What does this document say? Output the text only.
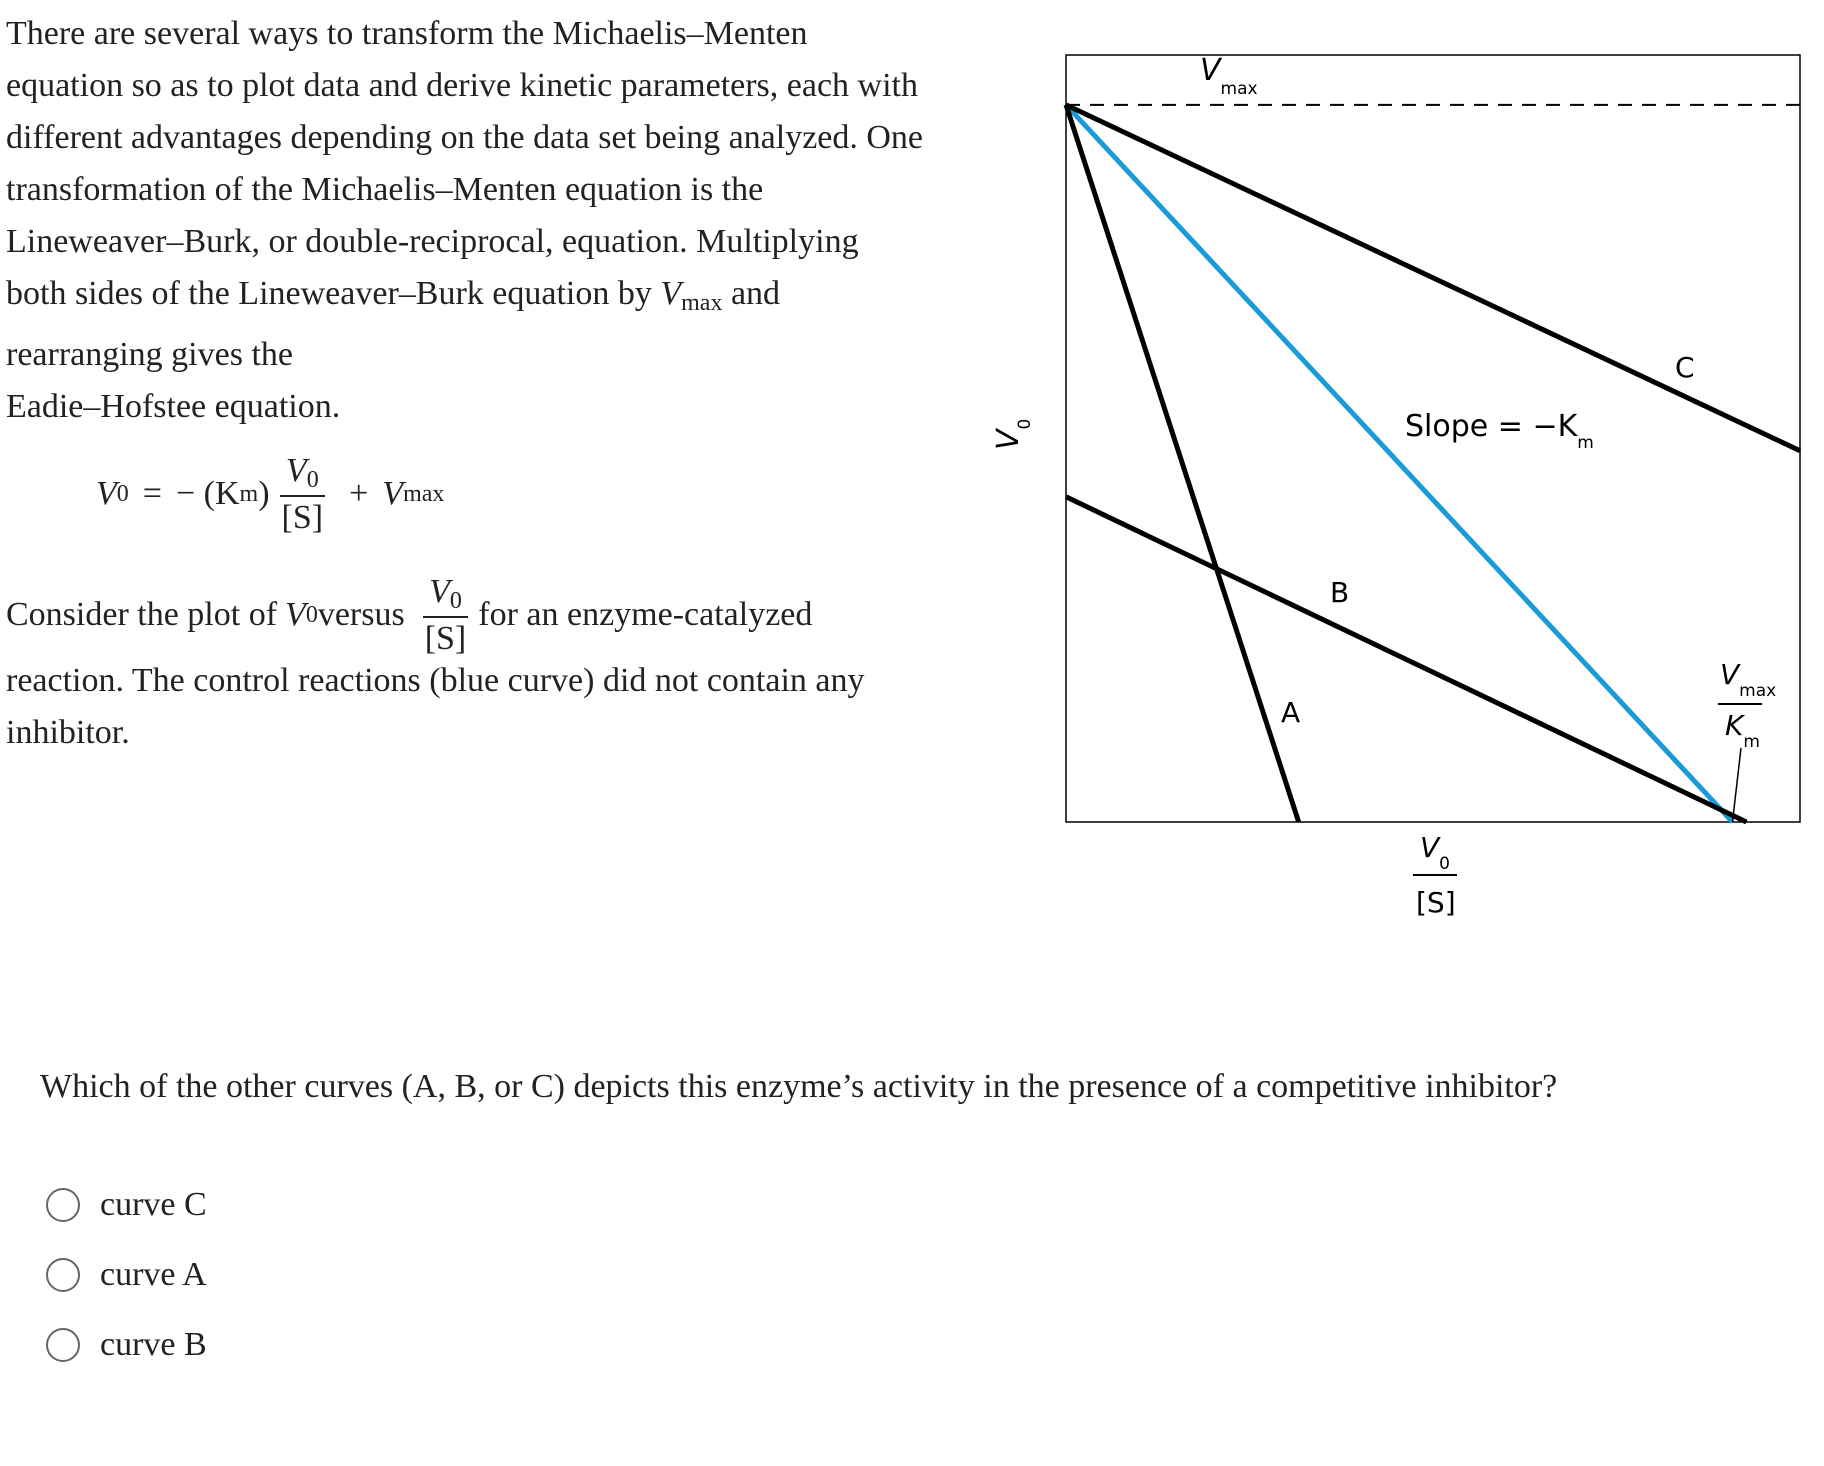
There are several ways to transform the Michaelis–Menten equation so as to plot data and derive kinetic parameters, each with different advantages depending on the data set being analyzed. One transformation of the Michaelis–Menten equation is the Lineweaver–Burk, or double-reciprocal, equation. Multiplying both sides of the Lineweaver–Burk equation by $V_{max}$ and rearranging gives the

Eadie–Hofstee equation.

V 0 = − (K m ) $\frac{V_0}{[S]} + V$ max
Consider the plot of V 0 versus $\frac{V_0}{[S]}$ for an enzyme-catalyzed
reaction. The control reactions (blue curve) did not contain any inhibitor.
$V_{max}$
Slope = $-K_m$
C
B
A
$V_{max}$
$K_m$
$V_0$
[S]
$V_0$
Which of the other curves (A, B, or C) depicts this enzyme’s activity in the presence of a competitive inhibitor?
curve C
curve A
curve B
